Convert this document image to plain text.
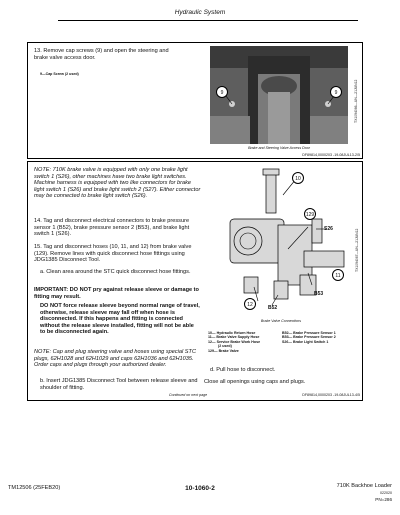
Hydraulic System
13. Remove cap screws (9) and open the steering and brake valve access door.
9—Cap Screw (2 used)
9	9	TX1094066—UN—21JUN12
Brake and Steering Valve Access Door
DF89814,0000203 -19-08JUL13-2/5
NOTE: 710K brake valve is equipped with only one brake light switch 1 (S26), other machines have two brake light switches. Machine harness is equipped with two like connectors for brake light switch 1 (S26) and brake light switch 2 (S27). Either connector may be connected to brake light switch (S26).
14. Tag and disconnect electrical connectors to brake pressure sensor 1 (B52), brake pressure sensor 2 (B53), and brake light switch 1 (S26).
15. Tag and disconnect hoses (10, 11, and 12) from brake valve (129). Remove lines with quick disconnect hose fittings using JDG1385 Disconnect Tool.
a. Clean area around the STC quick disconnect hose fittings.
IMPORTANT: DO NOT pry against release sleeve or damage to fitting may result.
DO NOT force release sleeve beyond normal range of travel, otherwise, release sleeve may fall off when hose is disconnected. If this happens and fitting is connected without the release sleeve installed, fitting will not be able to be disconnected again.
NOTE: Cap and plug steering valve and hoses using special STC plugs, 62H1028 and 62H1029 and caps 62H1036 and 62H1035. Order caps and plugs through your authorized dealer.
b. Insert JDG1385 Disconnect Tool between release sleeve and shoulder of fitting.
10
129
S26
11
B53
12	B52
TX1094067—UN—21JUN12
Brake Valve Connections
10— Hydraulic Return Hose	B52— Brake Pressure Sensor 1
11— Brake Valve Supply Hose	B53— Brake Pressure Sensor 2
12— Service Brake Work Hose	S26— Brake Light Switch 1
(2 used)
129— Brake Valve
d. Pull hose to disconnect.
Close all openings using caps and plugs.
Continued on next page	DF89814,0000203 -19-08JUL13-4/5
TM12506 (25FEB20)	10-1060-2	710K Backhoe Loader
022020
PN=286
